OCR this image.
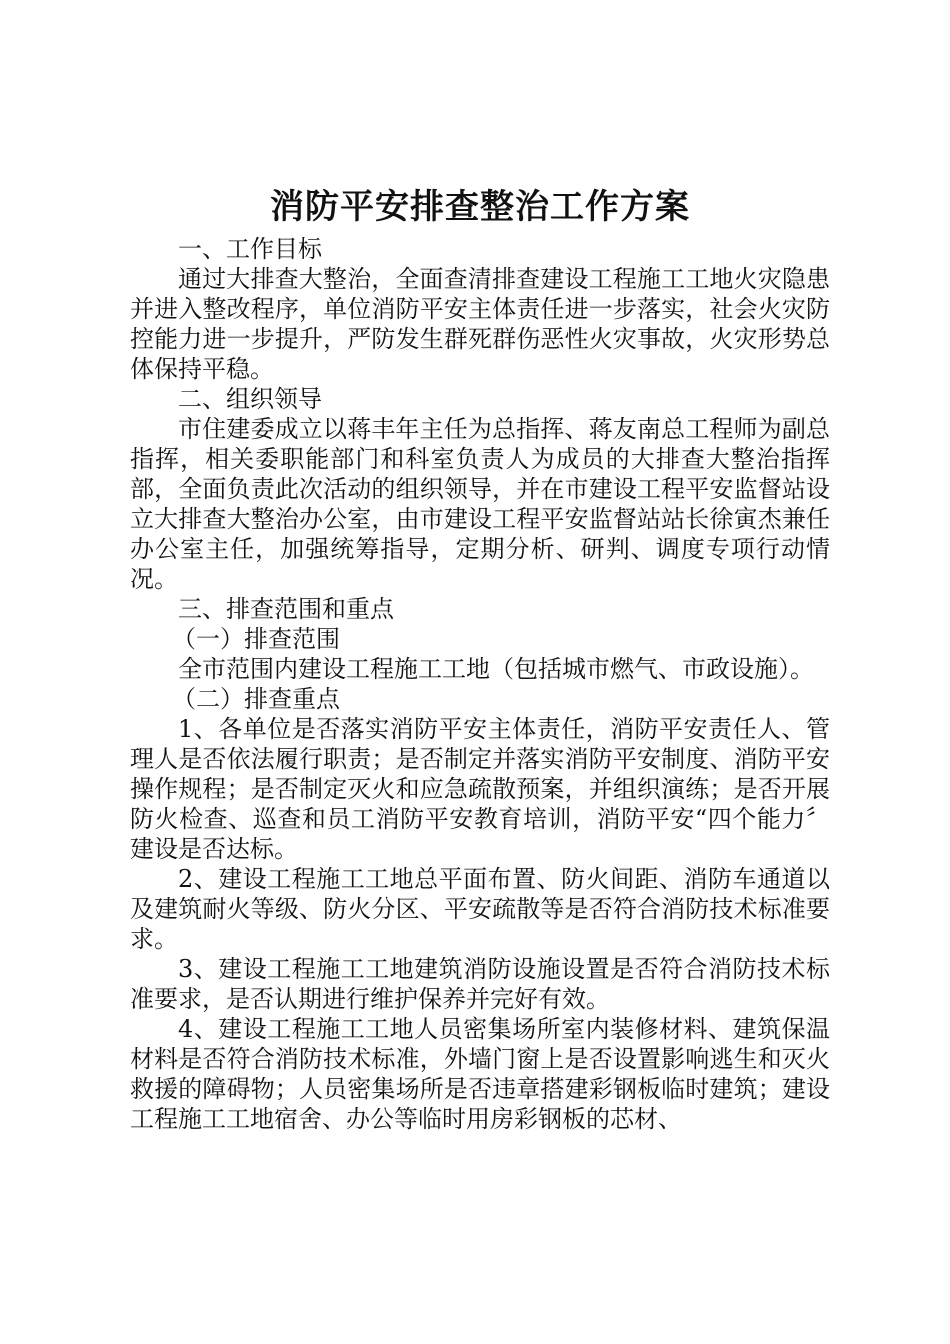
消防平安排查整治工作方案

一、工作目标

通过大排查大整治，全面查清排查建设工程施工工地火灾隐患并进入整改程序，单位消防平安主体责任进一步落实，社会火灾防控能力进一步提升，严防发生群死群伤恶性火灾事故，火灾形势总体保持平稳。

二、组织领导

市住建委成立以蒋丰年主任为总指挥、蒋友南总工程师为副总指挥，相关委职能部门和科室负责人为成员的大排查大整治指挥部，全面负责此次活动的组织领导，并在市建设工程平安监督站设立大排查大整治办公室，由市建设工程平安监督站站长徐寅杰兼任办公室主任，加强统筹指导，定期分析、研判、调度专项行动情况。

三、排查范围和重点

（一）排查范围

全市范围内建设工程施工工地（包括城市燃气、市政设施）。

（二）排查重点

1、各单位是否落实消防平安主体责任，消防平安责任人、管理人是否依法履行职责；是否制定并落实消防平安制度、消防平安操作规程；是否制定灭火和应急疏散预案，并组织演练；是否开展防火检查、巡查和员工消防平安教育培训，消防平安“四个能力〞建设是否达标。

2、建设工程施工工地总平面布置、防火间距、消防车通道以及建筑耐火等级、防火分区、平安疏散等是否符合消防技术标准要求。

3、建设工程施工工地建筑消防设施设置是否符合消防技术标准要求，是否认期进行维护保养并完好有效。

4、建设工程施工工地人员密集场所室内装修材料、建筑保温材料是否符合消防技术标准，外墙门窗上是否设置影响逃生和灭火救援的障碍物；人员密集场所是否违章搭建彩钢板临时建筑；建设工程施工工地宿舍、办公等临时用房彩钢板的芯材、
